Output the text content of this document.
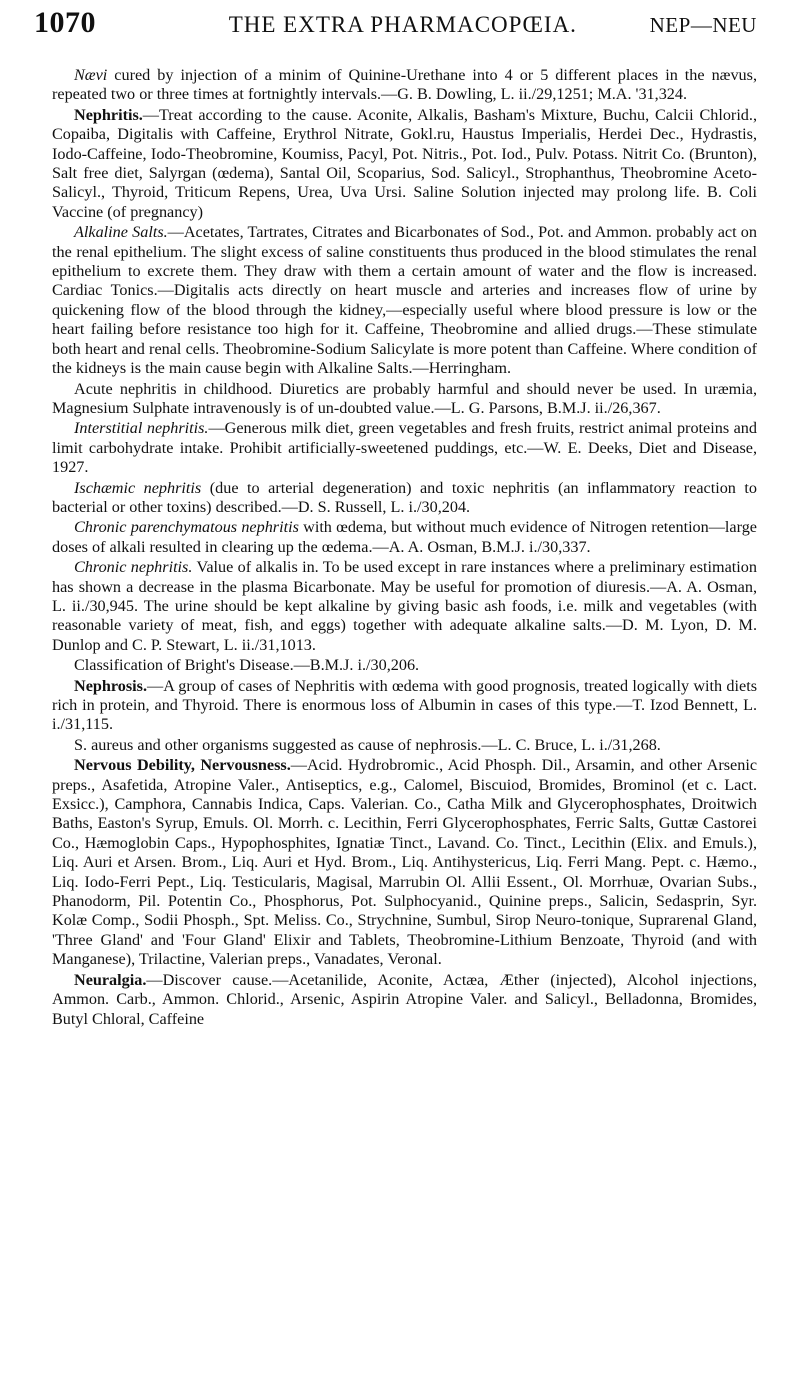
1070	THE EXTRA PHARMACOPŒIA.	NEP—NEU

Nævi cured by injection of a minim of Quinine-Urethane into 4 or 5 different places in the nævus, repeated two or three times at fortnightly intervals.—G. B. Dowling, L. ii./29,1251; M.A. '31,324.

Nephritis.—Treat according to the cause. Aconite, Alkalis, Basham's Mixture, Buchu, Calcii Chlorid., Copaiba, Digitalis with Caffeine, Erythrol Nitrate, Gokl.ru, Haustus Imperialis, Herdei Dec., Hydrastis, Iodo-Caffeine, Iodo-Theobromine, Koumiss, Pacyl, Pot. Nitris., Pot. Iod., Pulv. Potass. Nitrit Co. (Brunton), Salt free diet, Salyrgan (œdema), Santal Oil, Scoparius, Sod. Salicyl., Strophanthus, Theobromine Aceto-Salicyl., Thyroid, Triticum Repens, Urea, Uva Ursi. Saline Solution injected may prolong life. B. Coli Vaccine (of pregnancy)

Alkaline Salts.—Acetates, Tartrates, Citrates and Bicarbonates of Sod., Pot. and Ammon. probably act on the renal epithelium. The slight excess of saline constituents thus produced in the blood stimulates the renal epithelium to excrete them. They draw with them a certain amount of water and the flow is increased. Cardiac Tonics.—Digitalis acts directly on heart muscle and arteries and increases flow of urine by quickening flow of the blood through the kidney,—especially useful where blood pressure is low or the heart failing before resistance too high for it. Caffeine, Theobromine and allied drugs.—These stimulate both heart and renal cells. Theobromine-Sodium Salicylate is more potent than Caffeine. Where condition of the kidneys is the main cause begin with Alkaline Salts.—Herringham.

Acute nephritis in childhood. Diuretics are probably harmful and should never be used. In uræmia, Magnesium Sulphate intravenously is of un-doubted value.—L. G. Parsons, B.M.J. ii./26,367.

Interstitial nephritis.—Generous milk diet, green vegetables and fresh fruits, restrict animal proteins and limit carbohydrate intake. Prohibit artificially-sweetened puddings, etc.—W. E. Deeks, Diet and Disease, 1927.

Ischæmic nephritis (due to arterial degeneration) and toxic nephritis (an inflammatory reaction to bacterial or other toxins) described.—D. S. Russell, L. i./30,204.

Chronic parenchymatous nephritis with œdema, but without much evidence of Nitrogen retention—large doses of alkali resulted in clearing up the œdema.—A. A. Osman, B.M.J. i./30,337.

Chronic nephritis. Value of alkalis in. To be used except in rare instances where a preliminary estimation has shown a decrease in the plasma Bicarbonate. May be useful for promotion of diuresis.—A. A. Osman, L. ii./30,945. The urine should be kept alkaline by giving basic ash foods, i.e. milk and vegetables (with reasonable variety of meat, fish, and eggs) together with adequate alkaline salts.—D. M. Lyon, D. M. Dunlop and C. P. Stewart, L. ii./31,1013.

Classification of Bright's Disease.—B.M.J. i./30,206.

Nephrosis.—A group of cases of Nephritis with œdema with good prognosis, treated logically with diets rich in protein, and Thyroid. There is enormous loss of Albumin in cases of this type.—T. Izod Bennett, L. i./31,115.

S. aureus and other organisms suggested as cause of nephrosis.—L. C. Bruce, L. i./31,268.

Nervous Debility, Nervousness.—Acid. Hydrobromic., Acid Phosph. Dil., Arsamin, and other Arsenic preps., Asafetida, Atropine Valer., Antiseptics, e.g., Calomel, Biscuiod, Bromides, Brominol (et c. Lact. Exsicc.), Camphora, Cannabis Indica, Caps. Valerian. Co., Catha Milk and Glycerophosphates, Droitwich Baths, Easton's Syrup, Emuls. Ol. Morrh. c. Lecithin, Ferri Glycerophosphates, Ferric Salts, Guttæ Castorei Co., Hæmoglobin Caps., Hypophosphites, Ignatiæ Tinct., Lavand. Co. Tinct., Lecithin (Elix. and Emuls.), Liq. Auri et Arsen. Brom., Liq. Auri et Hyd. Brom., Liq. Antihystericus, Liq. Ferri Mang. Pept. c. Hæmo., Liq. Iodo-Ferri Pept., Liq. Testicularis, Magisal, Marrubin Ol. Allii Essent., Ol. Morrhuæ, Ovarian Subs., Phanodorm, Pil. Potentin Co., Phosphorus, Pot. Sulphocyanid., Quinine preps., Salicin, Sedasprin, Syr. Kolæ Comp., Sodii Phosph., Spt. Meliss. Co., Strychnine, Sumbul, Sirop Neuro-tonique, Suprarenal Gland, 'Three Gland' and 'Four Gland' Elixir and Tablets, Theobromine-Lithium Benzoate, Thyroid (and with Manganese), Trilactine, Valerian preps., Vanadates, Veronal.

Neuralgia.—Discover cause.—Acetanilide, Aconite, Actæa, Æther (injected), Alcohol injections, Ammon. Carb., Ammon. Chlorid., Arsenic, Aspirin Atropine Valer. and Salicyl., Belladonna, Bromides, Butyl Chloral, Caffeine
